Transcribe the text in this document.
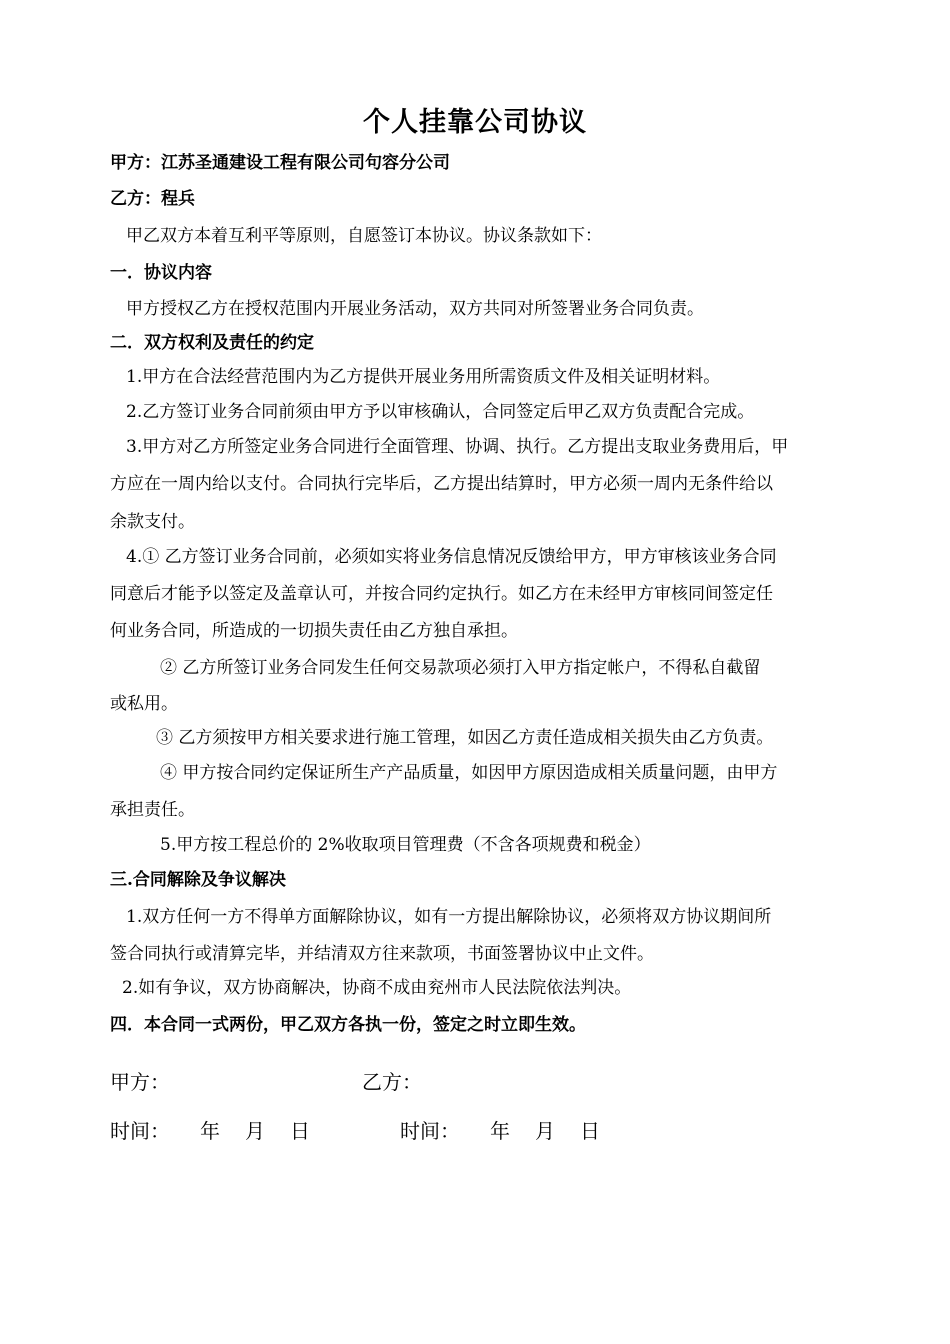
个人挂靠公司协议
甲方：江苏圣通建设工程有限公司句容分公司
乙方：程兵
甲乙双方本着互利平等原则，自愿签订本协议。协议条款如下：
一．协议内容
甲方授权乙方在授权范围内开展业务活动，双方共同对所签署业务合同负责。
二．双方权利及责任的约定
1.甲方在合法经营范围内为乙方提供开展业务用所需资质文件及相关证明材料。
2.乙方签订业务合同前须由甲方予以审核确认，合同签定后甲乙双方负责配合完成。
3.甲方对乙方所签定业务合同进行全面管理、协调、执行。乙方提出支取业务费用后，甲
方应在一周内给以支付。合同执行完毕后，乙方提出结算时，甲方必须一周内无条件给以
余款支付。
4.① 乙方签订业务合同前，必须如实将业务信息情况反馈给甲方，甲方审核该业务合同
同意后才能予以签定及盖章认可，并按合同约定执行。如乙方在未经甲方审核同间签定任
何业务合同，所造成的一切损失责任由乙方独自承担。
② 乙方所签订业务合同发生任何交易款项必须打入甲方指定帐户，不得私自截留
或私用。
③ 乙方须按甲方相关要求进行施工管理，如因乙方责任造成相关损失由乙方负责。
④ 甲方按合同约定保证所生产产品质量，如因甲方原因造成相关质量问题，由甲方
承担责任。
5.甲方按工程总价的 2%收取项目管理费（不含各项规费和税金）
三.合同解除及争议解决
1.双方任何一方不得单方面解除协议，如有一方提出解除协议，必须将双方协议期间所
签合同执行或清算完毕，并结清双方往来款项，书面签署协议中止文件。
2.如有争议，双方协商解决，协商不成由兖州市人民法院依法判决。
四．本合同一式两份，甲乙双方各执一份，签定之时立即生效。
甲方：	乙方：
时间： 年 月 日	时间： 年 月 日
